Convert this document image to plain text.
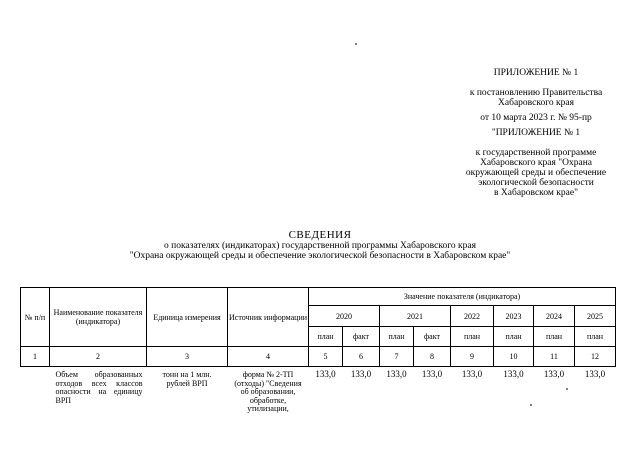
ПРИЛОЖЕНИЕ № 1
к постановлению Правительства
Хабаровского края
от 10 марта 2023 г. № 95-пр
"ПРИЛОЖЕНИЕ № 1
к государственной программе
Хабаровского края "Охрана
окружающей среды и обеспечение
экологической безопасности
в Хабаровском крае"
СВЕДЕНИЯ
о показателях (индикаторах) государственной программы Хабаровского края
"Охрана окружающей среды и обеспечение экологической безопасности в Хабаровском крае"
№ п/п	Наименование показателя (индикатора)	Единица измерения	Источник информации	Значение показателя (индикатора)							
				2020		2021		2022	2023	2024	2025
				план	факт	план	факт	план	план	план	план
1	2	3	4	5	6	7	8	9	10	11	12
	Объем образованных отходов всех классов опасности на единицу ВРП	тонн на 1 млн. рублей ВРП	форма № 2-ТП (отходы) "Сведения об образовании, обработке, утилизации,	133,0	133,0	133,0	133,0	133,0	133,0	133,0	133,0
